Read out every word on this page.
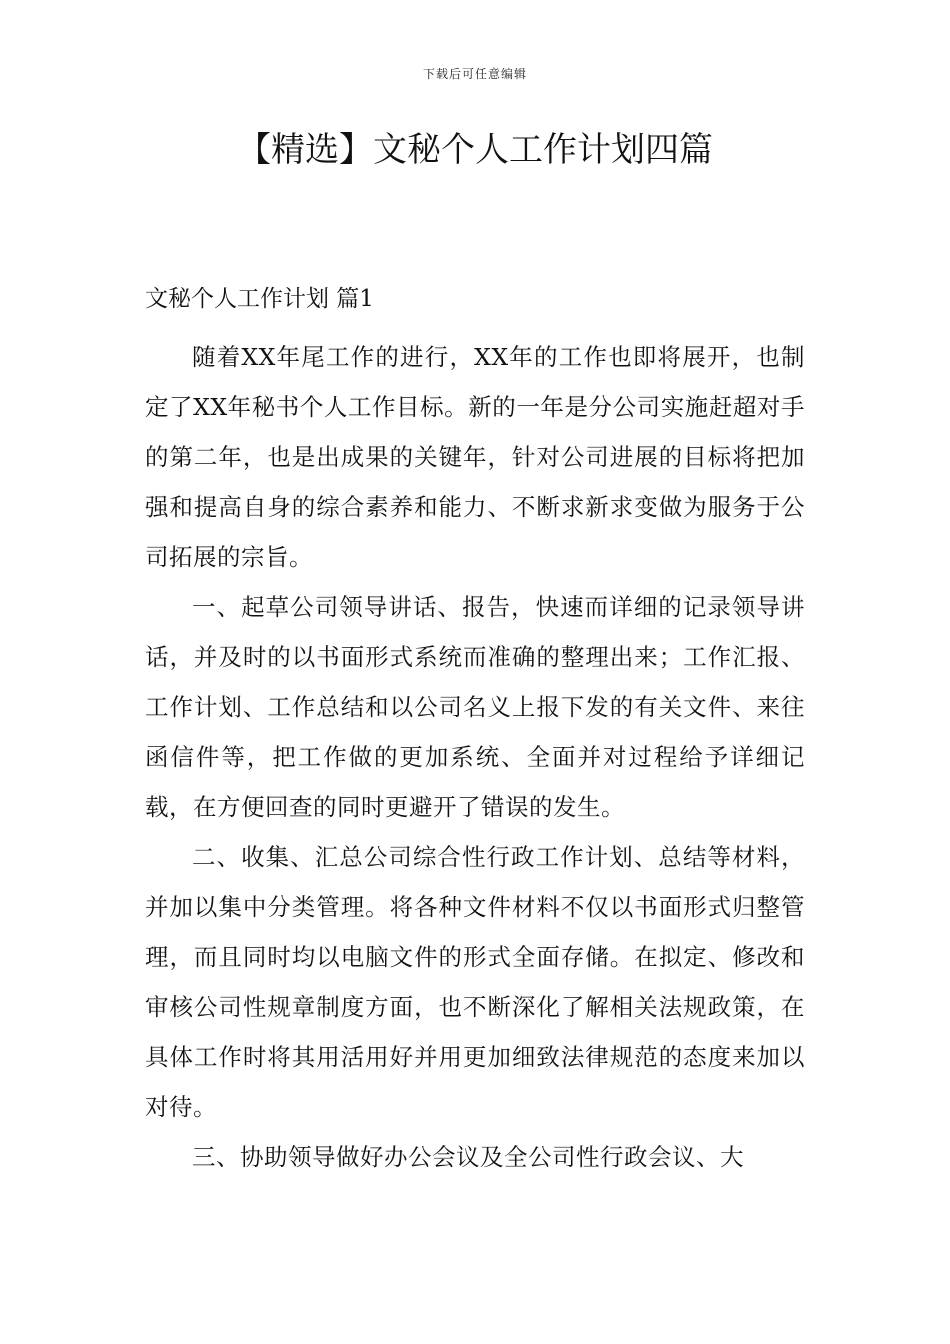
下载后可任意编辑
【精选】文秘个人工作计划四篇

文秘个人工作计划 篇1

随着XX年尾工作的进行，XX年的工作也即将展开，也制定了XX年秘书个人工作目标。新的一年是分公司实施赶超对手的第二年，也是出成果的关键年，针对公司进展的目标将把加强和提高自身的综合素养和能力、不断求新求变做为服务于公司拓展的宗旨。

一、起草公司领导讲话、报告，快速而详细的记录领导讲话，并及时的以书面形式系统而准确的整理出来；工作汇报、工作计划、工作总结和以公司名义上报下发的有关文件、来往函信件等，把工作做的更加系统、全面并对过程给予详细记载，在方便回查的同时更避开了错误的发生。

二、收集、汇总公司综合性行政工作计划、总结等材料，并加以集中分类管理。将各种文件材料不仅以书面形式归整管理，而且同时均以电脑文件的形式全面存储。在拟定、修改和审核公司性规章制度方面，也不断深化了解相关法规政策，在具体工作时将其用活用好并用更加细致法律规范的态度来加以对待。

三、协助领导做好办公会议及全公司性行政会议、大
